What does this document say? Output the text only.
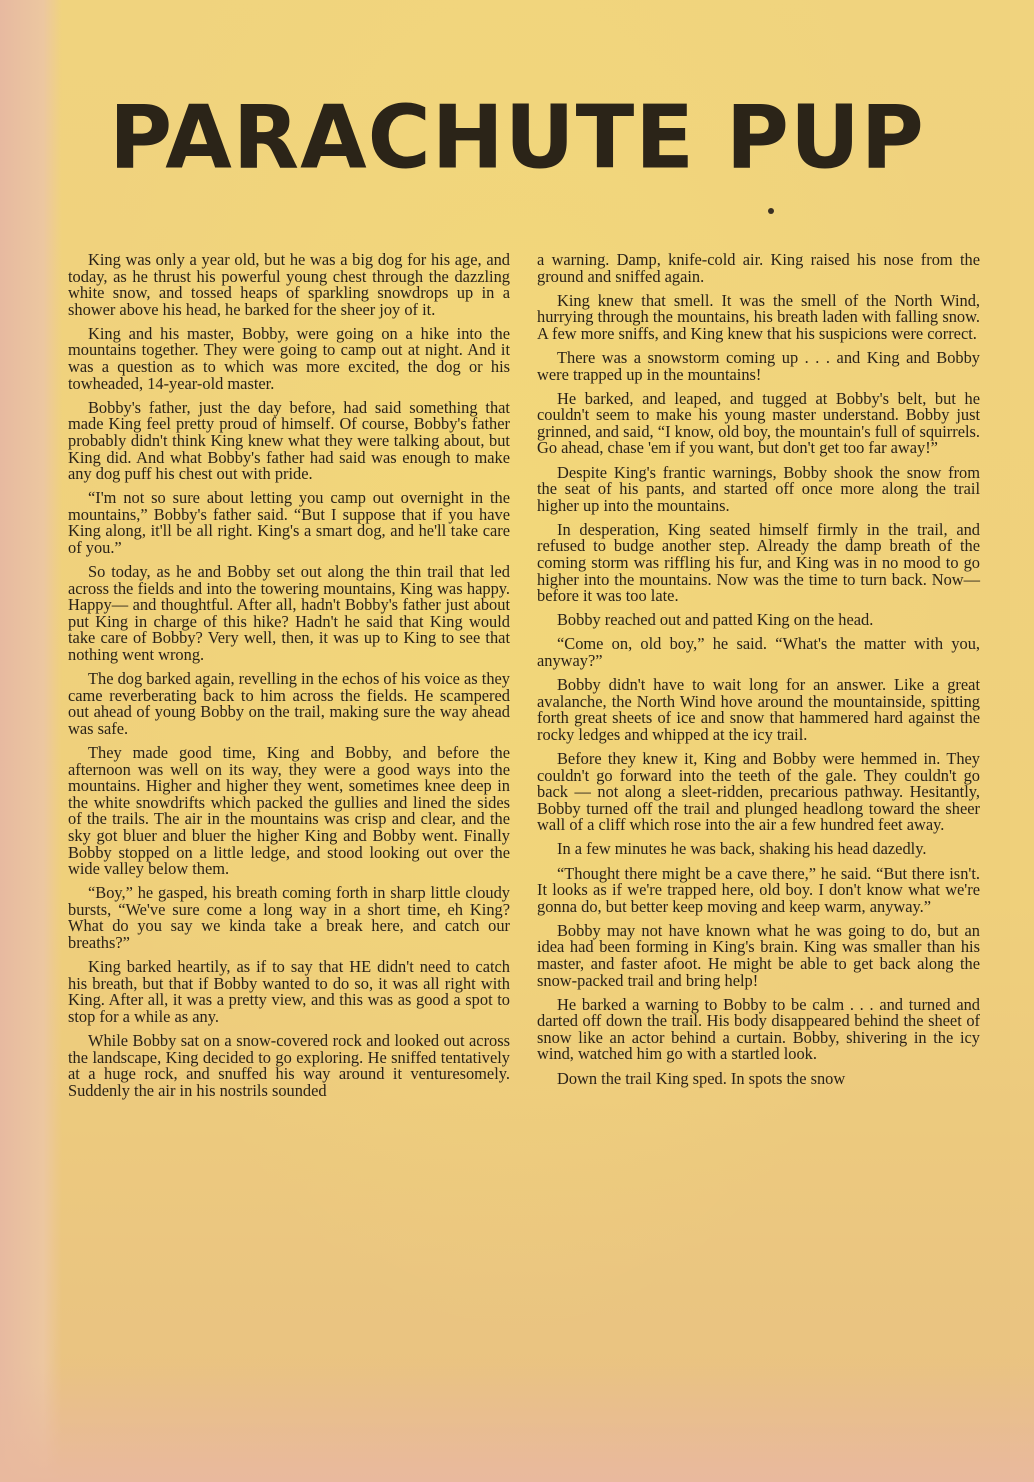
PARACHUTE PUP

King was only a year old, but he was a big dog for his age, and today, as he thrust his powerful young chest through the dazzling white snow, and tossed heaps of sparkling snowdrops up in a shower above his head, he barked for the sheer joy of it.

King and his master, Bobby, were going on a hike into the mountains together. They were going to camp out at night. And it was a question as to which was more excited, the dog or his towheaded, 14-year-old master.

Bobby's father, just the day before, had said something that made King feel pretty proud of himself. Of course, Bobby's father probably didn't think King knew what they were talking about, but King did. And what Bobby's father had said was enough to make any dog puff his chest out with pride.

“I'm not so sure about letting you camp out overnight in the mountains,” Bobby's father said. “But I suppose that if you have King along, it'll be all right. King's a smart dog, and he'll take care of you.”

So today, as he and Bobby set out along the thin trail that led across the fields and into the towering mountains, King was happy. Happy— and thoughtful. After all, hadn't Bobby's father just about put King in charge of this hike? Hadn't he said that King would take care of Bobby? Very well, then, it was up to King to see that nothing went wrong.

The dog barked again, revelling in the echos of his voice as they came reverberating back to him across the fields. He scampered out ahead of young Bobby on the trail, making sure the way ahead was safe.

They made good time, King and Bobby, and before the afternoon was well on its way, they were a good ways into the mountains. Higher and higher they went, sometimes knee deep in the white snowdrifts which packed the gullies and lined the sides of the trails. The air in the mountains was crisp and clear, and the sky got bluer and bluer the higher King and Bobby went. Finally Bobby stopped on a little ledge, and stood looking out over the wide valley below them.

“Boy,” he gasped, his breath coming forth in sharp little cloudy bursts, “We've sure come a long way in a short time, eh King? What do you say we kinda take a break here, and catch our breaths?”

King barked heartily, as if to say that HE didn't need to catch his breath, but that if Bobby wanted to do so, it was all right with King. After all, it was a pretty view, and this was as good a spot to stop for a while as any.

While Bobby sat on a snow-covered rock and looked out across the landscape, King decided to go exploring. He sniffed tentatively at a huge rock, and snuffed his way around it venturesomely. Suddenly the air in his nostrils sounded

a warning. Damp, knife-cold air. King raised his nose from the ground and sniffed again.

King knew that smell. It was the smell of the North Wind, hurrying through the mountains, his breath laden with falling snow. A few more sniffs, and King knew that his suspicions were correct.

There was a snowstorm coming up . . . and King and Bobby were trapped up in the mountains!

He barked, and leaped, and tugged at Bobby's belt, but he couldn't seem to make his young master understand. Bobby just grinned, and said, “I know, old boy, the mountain's full of squirrels. Go ahead, chase 'em if you want, but don't get too far away!”

Despite King's frantic warnings, Bobby shook the snow from the seat of his pants, and started off once more along the trail higher up into the mountains.

In desperation, King seated himself firmly in the trail, and refused to budge another step. Already the damp breath of the coming storm was riffling his fur, and King was in no mood to go higher into the mountains. Now was the time to turn back. Now—before it was too late.

Bobby reached out and patted King on the head.

“Come on, old boy,” he said. “What's the matter with you, anyway?”

Bobby didn't have to wait long for an answer. Like a great avalanche, the North Wind hove around the mountainside, spitting forth great sheets of ice and snow that hammered hard against the rocky ledges and whipped at the icy trail.

Before they knew it, King and Bobby were hemmed in. They couldn't go forward into the teeth of the gale. They couldn't go back — not along a sleet-ridden, precarious pathway. Hesitantly, Bobby turned off the trail and plunged headlong toward the sheer wall of a cliff which rose into the air a few hundred feet away.

In a few minutes he was back, shaking his head dazedly.

“Thought there might be a cave there,” he said. “But there isn't. It looks as if we're trapped here, old boy. I don't know what we're gonna do, but better keep moving and keep warm, anyway.”

Bobby may not have known what he was going to do, but an idea had been forming in King's brain. King was smaller than his master, and faster afoot. He might be able to get back along the snow-packed trail and bring help!

He barked a warning to Bobby to be calm . . . and turned and darted off down the trail. His body disappeared behind the sheet of snow like an actor behind a curtain. Bobby, shivering in the icy wind, watched him go with a startled look.

Down the trail King sped. In spots the snow
